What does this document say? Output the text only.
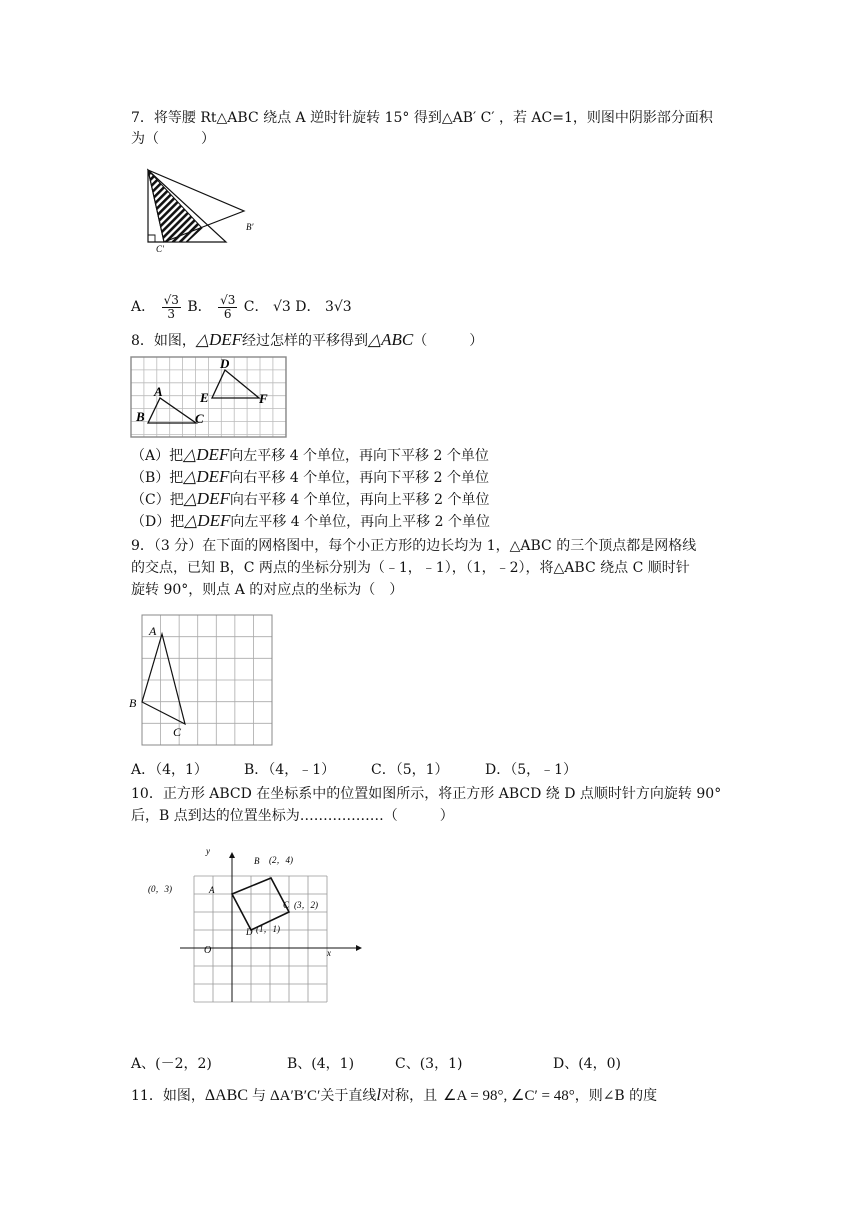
7．将等腰 Rt△ABC 绕点 A 逆时针旋转 15° 得到△AB′ C′ ，若 AC=1，则图中阴影部分面积
为（　　　）
B′
C′
A． $\frac{√3}{3}$ B． $\frac{√3}{6}$ C． √3 D． 3√3
8．如图，△DEF经过怎样的平移得到△ABC（　　　）
A
B	C
D
E	F
（A）把△DEF向左平移 4 个单位，再向下平移 2 个单位
（B）把△DEF向右平移 4 个单位，再向下平移 2 个单位
（C）把△DEF向右平移 4 个单位，再向上平移 2 个单位
（D）把△DEF向左平移 4 个单位，再向上平移 2 个单位
9．（3 分）在下面的网格图中，每个小正方形的边长均为 1，△ABC 的三个顶点都是网格线
的交点，已知 B，C 两点的坐标分别为（﹣1，﹣1），（1，﹣2），将△ABC 绕点 C 顺时针
旋转 90°，则点 A 的对应点的坐标为（　）
A
B
C
A．（4，1）	B．（4，﹣1）	C．（5，1）	D．（5，﹣1）
10．正方形 ABCD 在坐标系中的位置如图所示，将正方形 ABCD 绕 D 点顺时针方向旋转 90°
后，B 点到达的位置坐标为………………（　　　）
y
x
O
B (2，4)
A
(0，3)
C (3，2)
D (1，1)
A、(－2，2)	B、(4，1)	C、(3，1)	D、(4，0)
11．如图，ΔABC 与 ΔA′B′C′关于直线l对称，且 ∠A = 98°, ∠C′ = 48°，则∠B 的度
